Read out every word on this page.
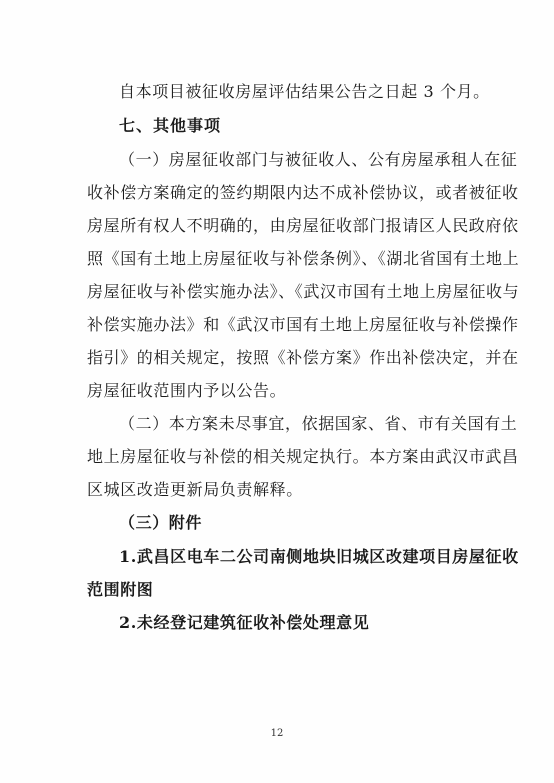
自本项目被征收房屋评估结果公告之日起 3 个月。
七、其他事项
（一）房屋征收部门与被征收人、公有房屋承租人在征
收补偿方案确定的签约期限内达不成补偿协议，或者被征收
房屋所有权人不明确的，由房屋征收部门报请区人民政府依
照《国有土地上房屋征收与补偿条例》、《湖北省国有土地上
房屋征收与补偿实施办法》、《武汉市国有土地上房屋征收与
补偿实施办法》和《武汉市国有土地上房屋征收与补偿操作
指引》的相关规定，按照《补偿方案》作出补偿决定，并在
房屋征收范围内予以公告。
（二）本方案未尽事宜，依据国家、省、市有关国有土
地上房屋征收与补偿的相关规定执行。本方案由武汉市武昌
区城区改造更新局负责解释。
（三）附件
1.武昌区电车二公司南侧地块旧城区改建项目房屋征收
范围附图
2.未经登记建筑征收补偿处理意见
12
